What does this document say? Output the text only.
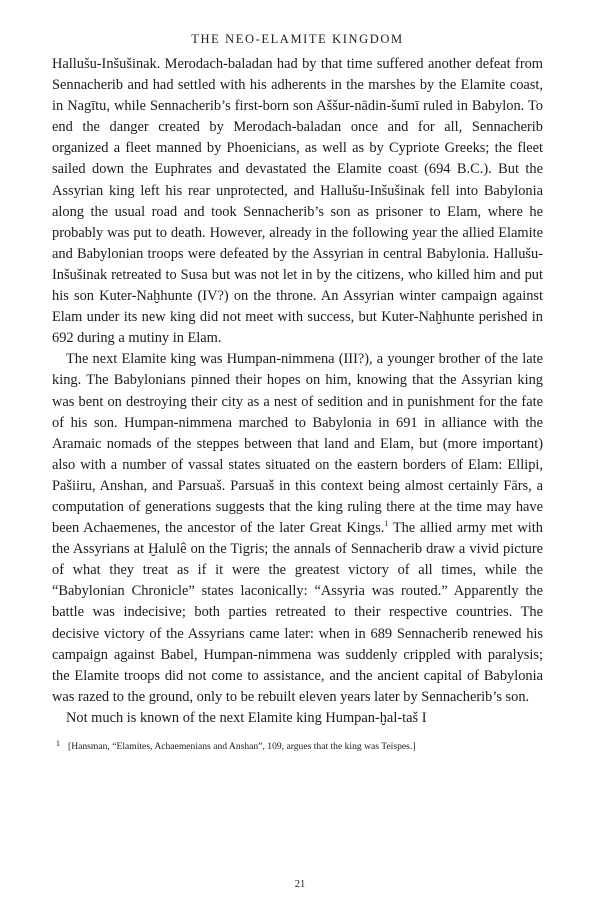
THE NEO-ELAMITE KINGDOM

Hallušu-Inšušinak. Merodach-baladan had by that time suffered another defeat from Sennacherib and had settled with his adherents in the marshes by the Elamite coast, in Nagītu, while Sennacherib’s first-born son Aššur-nādin-šumī ruled in Babylon. To end the danger created by Merodach-baladan once and for all, Sennacherib organized a fleet manned by Phoenicians, as well as by Cypriote Greeks; the fleet sailed down the Euphrates and devastated the Elamite coast (694 B.C.). But the Assyrian king left his rear unprotected, and Hallušu-Inšušinak fell into Babylonia along the usual road and took Sennacherib’s son as prisoner to Elam, where he probably was put to death. However, already in the following year the allied Elamite and Babylonian troops were defeated by the Assyrian in central Babylonia. Hallušu-Inšušinak retreated to Susa but was not let in by the citizens, who killed him and put his son Kuter-Naḫhunte (IV?) on the throne. An Assyrian winter campaign against Elam under its new king did not meet with success, but Kuter-Naḫhunte perished in 692 during a mutiny in Elam.

The next Elamite king was Humpan-nimmena (III?), a younger brother of the late king. The Babylonians pinned their hopes on him, knowing that the Assyrian king was bent on destroying their city as a nest of sedition and in punishment for the fate of his son. Humpan-nimmena marched to Babylonia in 691 in alliance with the Aramaic nomads of the steppes between that land and Elam, but (more important) also with a number of vassal states situated on the eastern borders of Elam: Ellipi, Pašiiru, Anshan, and Parsuaš. Parsuaš in this context being almost certainly Fārs, a computation of generations suggests that the king ruling there at the time may have been Achaemenes, the ancestor of the later Great Kings.$^1$ The allied army met with the Assyrians at Ḫalulê on the Tigris; the annals of Sennacherib draw a vivid picture of what they treat as if it were the greatest victory of all times, while the “Babylonian Chronicle” states laconically: “Assyria was routed.” Apparently the battle was indecisive; both parties retreated to their respective countries. The decisive victory of the Assyrians came later: when in 689 Sennacherib renewed his campaign against Babel, Humpan-nimmena was suddenly crippled with paralysis; the Elamite troops did not come to assistance, and the ancient capital of Babylonia was razed to the ground, only to be rebuilt eleven years later by Sennacherib’s son.

Not much is known of the next Elamite king Humpan-ḫal-taš I

$^1$ [Hansman, “Elamites, Achaemenians and Anshan”, 109, argues that the king was Teïspes.]

21
